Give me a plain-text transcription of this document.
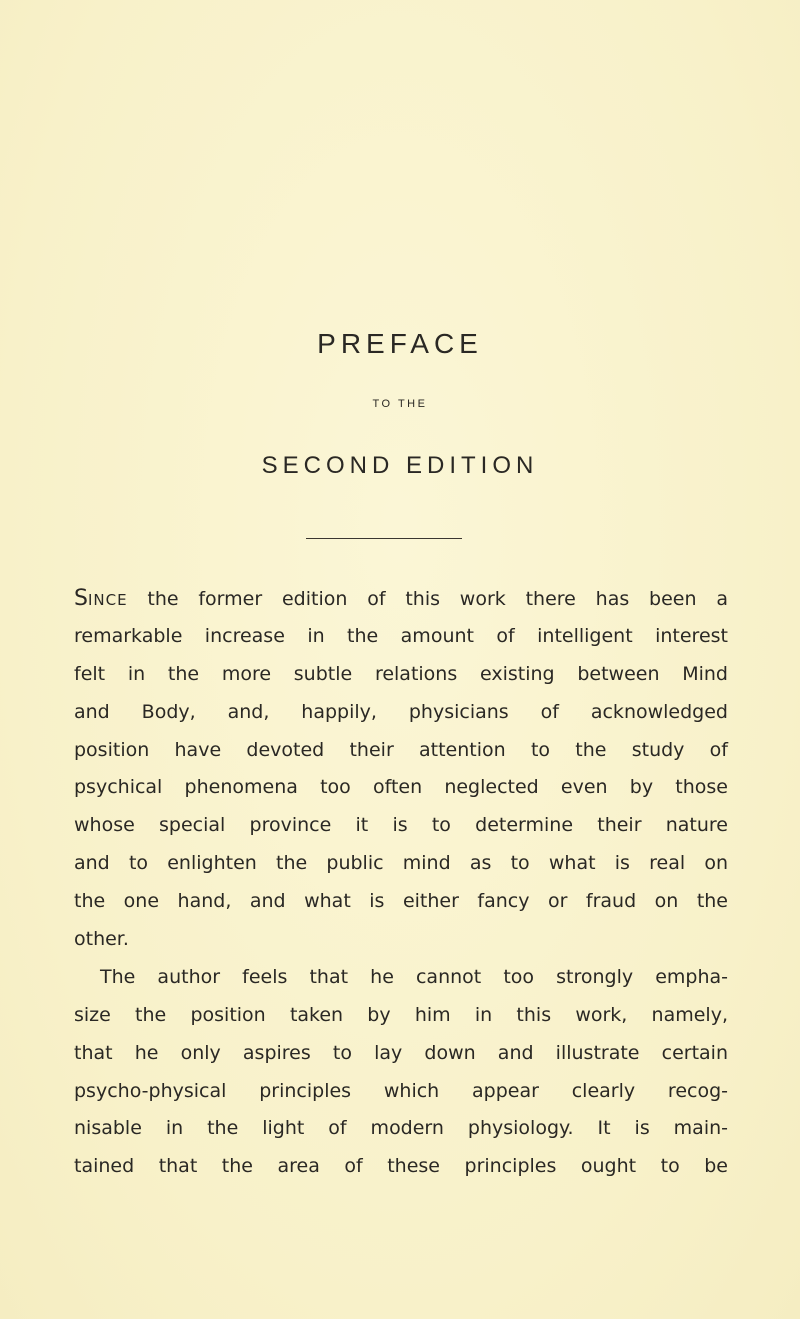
PREFACE
TO THE
SECOND EDITION
SINCE the former edition of this work there has been a
remarkable increase in the amount of intelligent interest
felt in the more subtle relations existing between Mind
and Body, and, happily, physicians of acknowledged
position have devoted their attention to the study of
psychical phenomena too often neglected even by those
whose special province it is to determine their nature
and to enlighten the public mind as to what is real on
the one hand, and what is either fancy or fraud on the
other.
The author feels that he cannot too strongly empha-
size the position taken by him in this work, namely,
that he only aspires to lay down and illustrate certain
psycho-physical principles which appear clearly recog-
nisable in the light of modern physiology. It is main-
tained that the area of these principles ought to be
